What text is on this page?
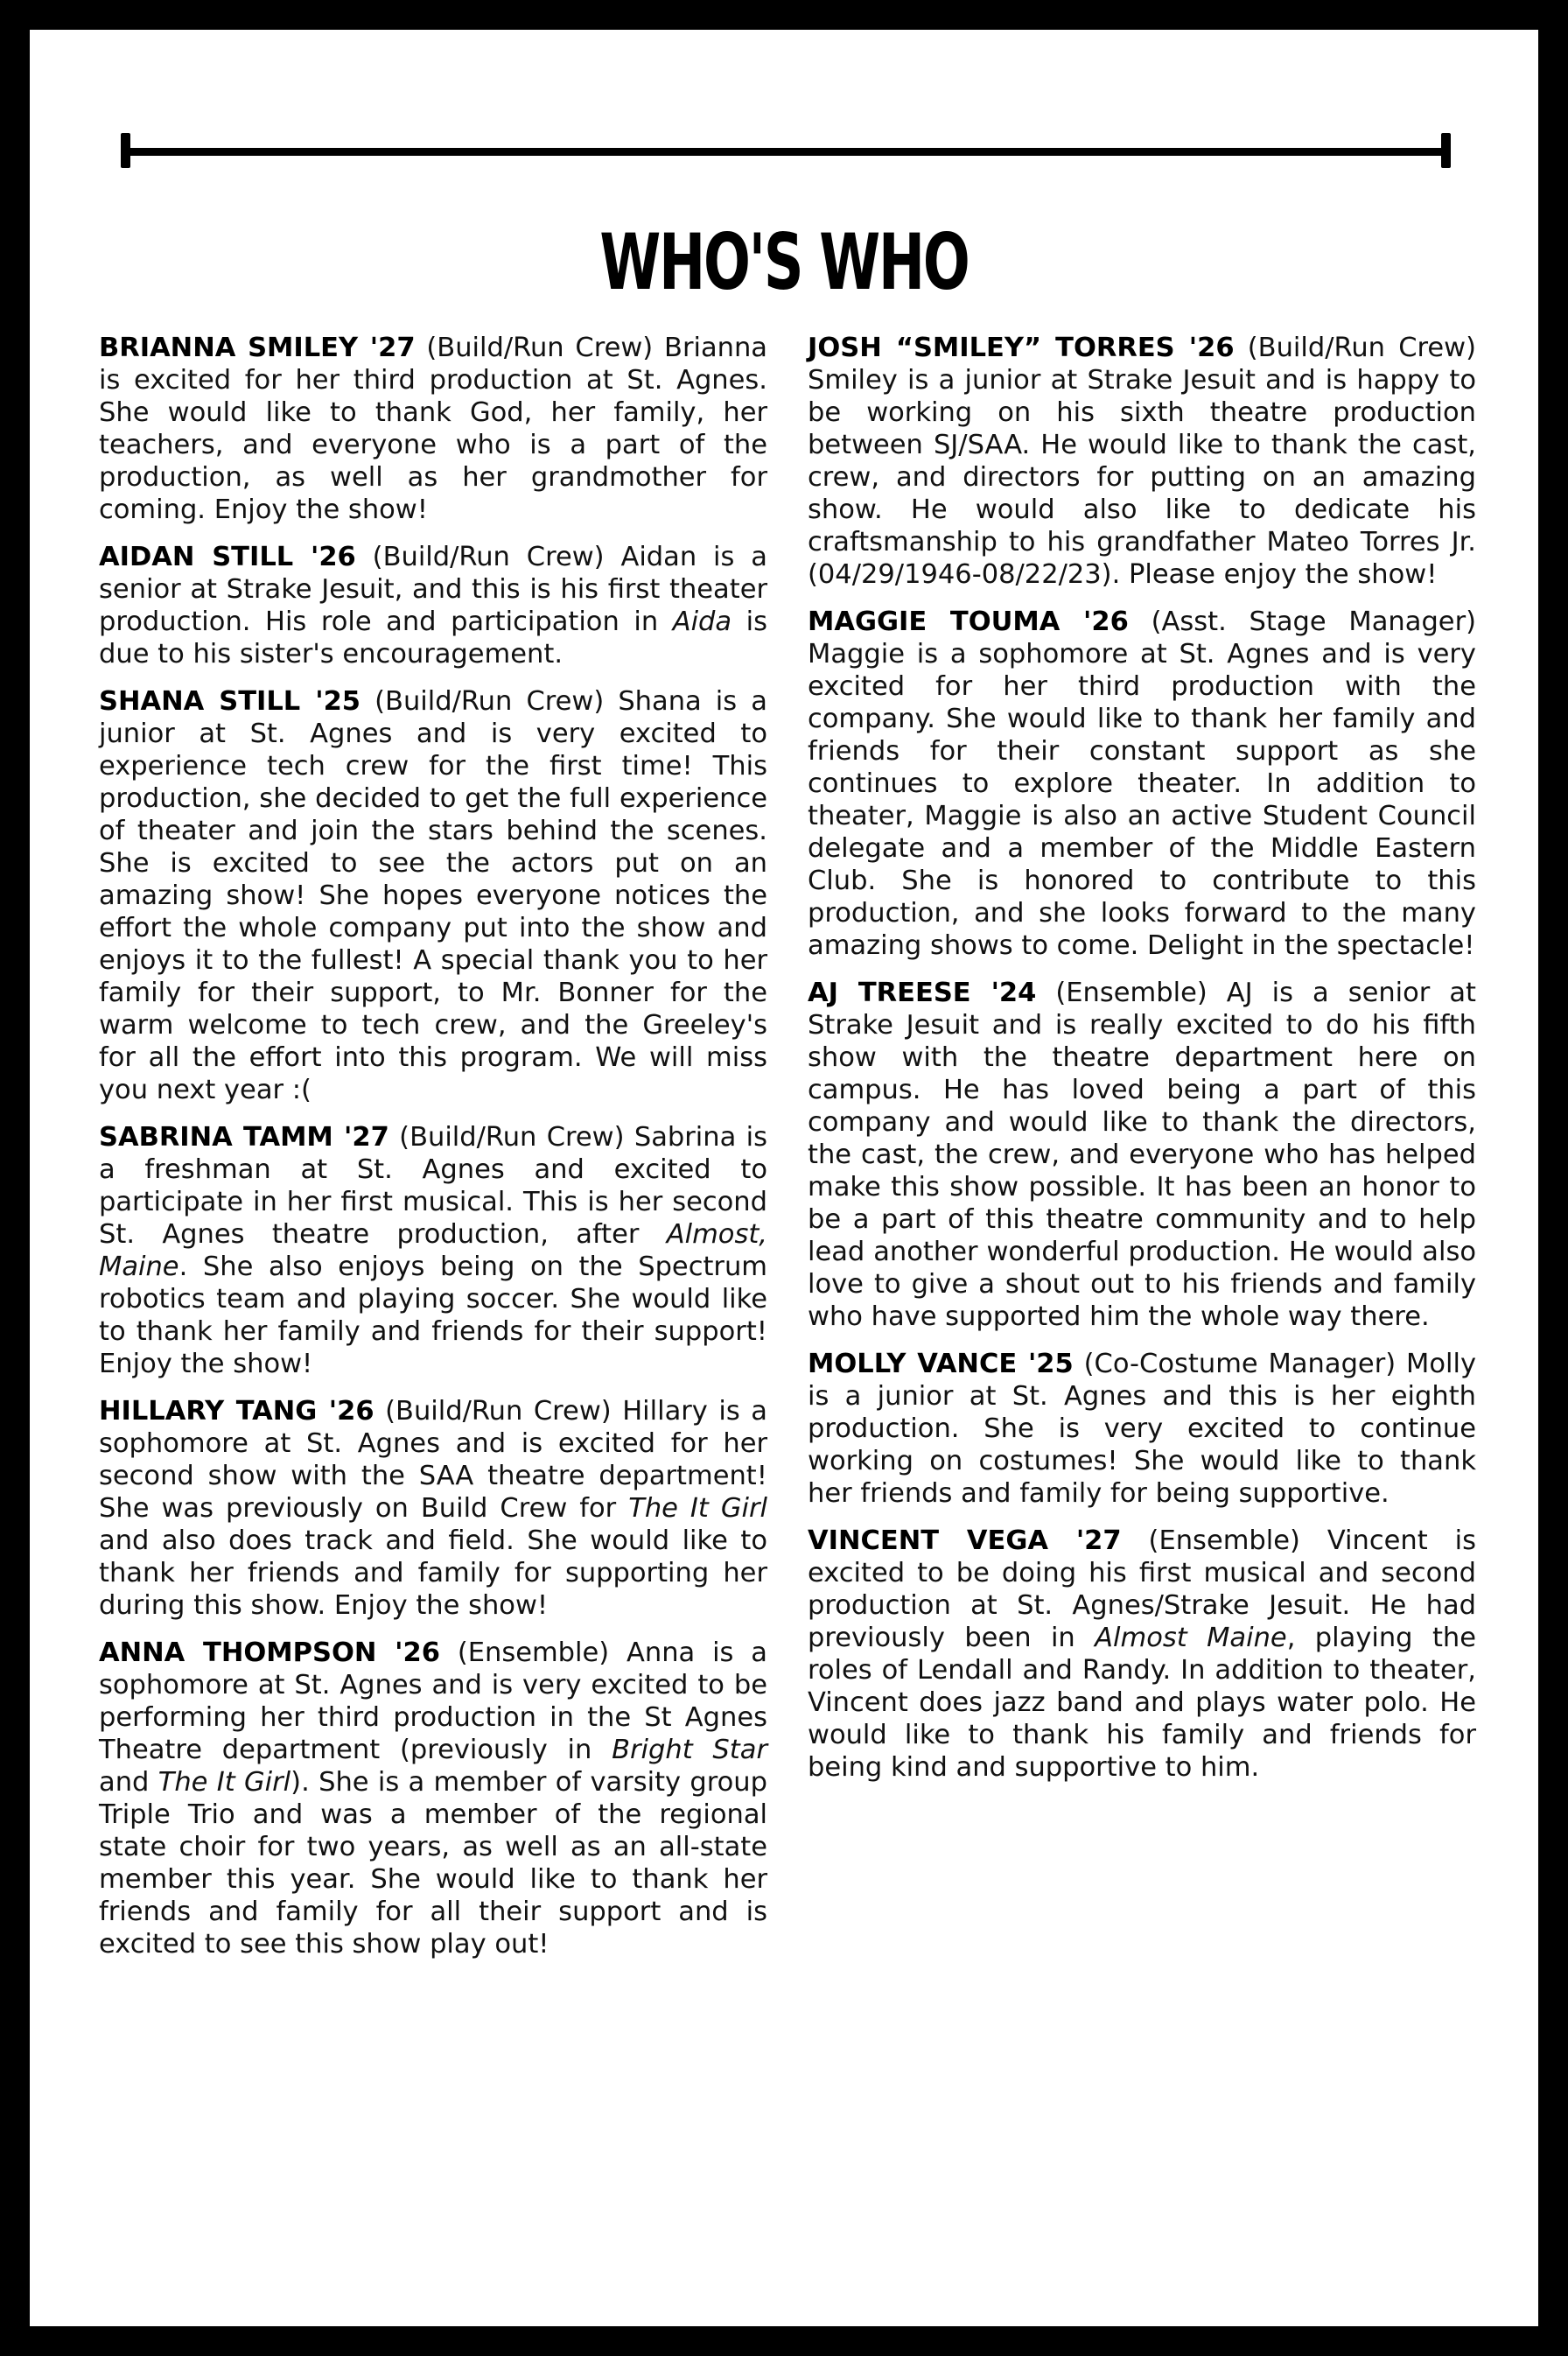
WHO'S WHO

BRIANNA SMILEY '27 (Build/Run Crew) Brianna is excited for her third production at St. Agnes. She would like to thank God, her family, her teachers, and everyone who is a part of the production, as well as her grandmother for coming. Enjoy the show!

AIDAN STILL '26 (Build/Run Crew) Aidan is a senior at Strake Jesuit, and this is his first theater production. His role and participation in Aida is due to his sister's encouragement.

SHANA STILL '25 (Build/Run Crew) Shana is a junior at St. Agnes and is very excited to experience tech crew for the first time! This production, she decided to get the full experience of theater and join the stars behind the scenes. She is excited to see the actors put on an amazing show! She hopes everyone notices the effort the whole company put into the show and enjoys it to the fullest! A special thank you to her family for their support, to Mr. Bonner for the warm welcome to tech crew, and the Greeley's for all the effort into this program. We will miss you next year :(

SABRINA TAMM '27 (Build/Run Crew) Sabrina is a freshman at St. Agnes and excited to participate in her first musical. This is her second St. Agnes theatre production, after Almost, Maine. She also enjoys being on the Spectrum robotics team and playing soccer. She would like to thank her family and friends for their support! Enjoy the show!

HILLARY TANG '26 (Build/Run Crew) Hillary is a sophomore at St. Agnes and is excited for her second show with the SAA theatre department! She was previously on Build Crew for The It Girl and also does track and field. She would like to thank her friends and family for supporting her during this show. Enjoy the show!

ANNA THOMPSON '26 (Ensemble) Anna is a sophomore at St. Agnes and is very excited to be performing her third production in the St Agnes Theatre department (previously in Bright Star and The It Girl). She is a member of varsity group Triple Trio and was a member of the regional state choir for two years, as well as an all-state member this year. She would like to thank her friends and family for all their support and is excited to see this show play out!

JOSH “SMILEY” TORRES '26 (Build/Run Crew) Smiley is a junior at Strake Jesuit and is happy to be working on his sixth theatre production between SJ/SAA. He would like to thank the cast, crew, and directors for putting on an amazing show. He would also like to dedicate his craftsmanship to his grandfather Mateo Torres Jr. (04/29/1946-08/22/23). Please enjoy the show!

MAGGIE TOUMA '26 (Asst. Stage Manager) Maggie is a sophomore at St. Agnes and is very excited for her third production with the company. She would like to thank her family and friends for their constant support as she continues to explore theater. In addition to theater, Maggie is also an active Student Council delegate and a member of the Middle Eastern Club. She is honored to contribute to this production, and she looks forward to the many amazing shows to come. Delight in the spectacle!

AJ TREESE '24 (Ensemble) AJ is a senior at Strake Jesuit and is really excited to do his fifth show with the theatre department here on campus. He has loved being a part of this company and would like to thank the directors, the cast, the crew, and everyone who has helped make this show possible. It has been an honor to be a part of this theatre community and to help lead another wonderful production. He would also love to give a shout out to his friends and family who have supported him the whole way there.

MOLLY VANCE '25 (Co-Costume Manager) Molly is a junior at St. Agnes and this is her eighth production. She is very excited to continue working on costumes! She would like to thank her friends and family for being supportive.

VINCENT VEGA '27 (Ensemble) Vincent is excited to be doing his first musical and second production at St. Agnes/Strake Jesuit. He had previously been in Almost Maine, playing the roles of Lendall and Randy. In addition to theater, Vincent does jazz band and plays water polo. He would like to thank his family and friends for being kind and supportive to him.
